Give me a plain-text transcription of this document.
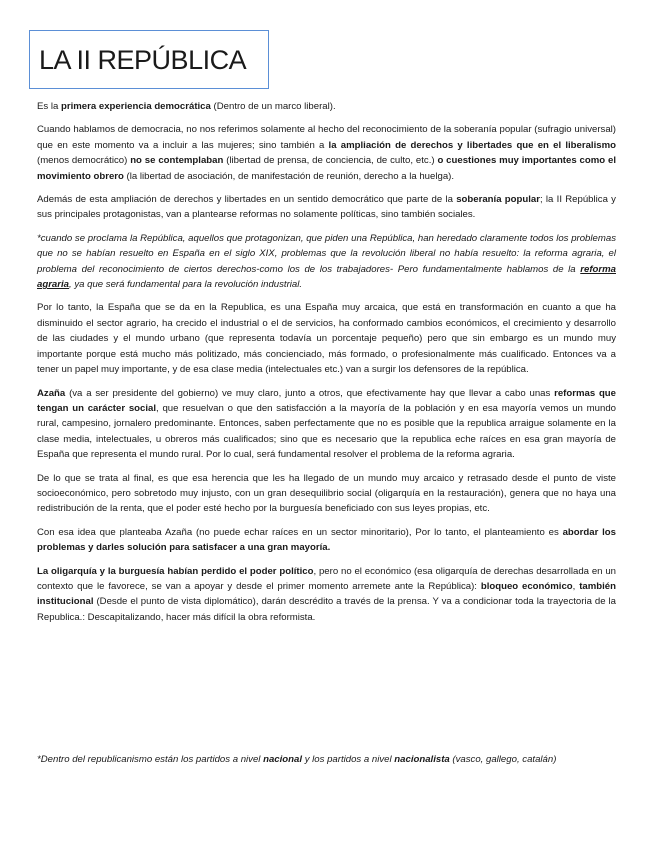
LA II REPÚBLICA

Es la primera experiencia democrática (Dentro de un marco liberal).

Cuando hablamos de democracia, no nos referimos solamente al hecho del reconocimiento de la soberanía popular (sufragio universal) que en este momento va a incluir a las mujeres; sino también a la ampliación de derechos y libertades que en el liberalismo (menos democrático) no se contemplaban (libertad de prensa, de conciencia, de culto, etc.) o cuestiones muy importantes como el movimiento obrero (la libertad de asociación, de manifestación de reunión, derecho a la huelga).

Además de esta ampliación de derechos y libertades en un sentido democrático que parte de la soberanía popular; la II República y sus principales protagonistas, van a plantearse reformas no solamente políticas, sino también sociales.

*cuando se proclama la República, aquellos que protagonizan, que piden una República, han heredado claramente todos los problemas que no se habían resuelto en España en el siglo XIX, problemas que la revolución liberal no había resuelto: la reforma agraria, el problema del reconocimiento de ciertos derechos-como los de los trabajadores- Pero fundamentalmente hablamos de la reforma agraria, ya que será fundamental para la revolución industrial.

Por lo tanto, la España que se da en la Republica, es una España muy arcaica, que está en transformación en cuanto a que ha disminuido el sector agrario, ha crecido el industrial o el de servicios, ha conformado cambios económicos, el crecimiento y desarrollo de las ciudades y el mundo urbano (que representa todavía un porcentaje pequeño) pero que sin embargo es un mundo muy importante porque está mucho más politizado, más concienciado, más formado, o profesionalmente más cualificado. Entonces va a tener un papel muy importante, y de esa clase media (intelectuales etc.) van a surgir los defensores de la república.

Azaña (va a ser presidente del gobierno) ve muy claro, junto a otros, que efectivamente hay que llevar a cabo unas reformas que tengan un carácter social, que resuelvan o que den satisfacción a la mayoría de la población y en esa mayoría vemos un mundo rural, campesino, jornalero predominante. Entonces, saben perfectamente que no es posible que la republica arraigue solamente en la clase media, intelectuales, u obreros más cualificados; sino que es necesario que la republica eche raíces en esa gran mayoría de España que representa el mundo rural. Por lo cual, será fundamental resolver el problema de la reforma agraria.

De lo que se trata al final, es que esa herencia que les ha llegado de un mundo muy arcaico y retrasado desde el punto de viste socioeconómico, pero sobretodo muy injusto, con un gran desequilibrio social (oligarquía en la restauración), genera que no haya una redistribución de la renta, que el poder esté hecho por la burguesía beneficiado con sus leyes propias, etc.

Con esa idea que planteaba Azaña (no puede echar raíces en un sector minoritario), Por lo tanto, el planteamiento es abordar los problemas y darles solución para satisfacer a una gran mayoría.

La oligarquía y la burguesía habían perdido el poder político, pero no el económico (esa oligarquía de derechas desarrollada en un contexto que le favorece, se van a apoyar y desde el primer momento arremete ante la República): bloqueo económico, también institucional (Desde el punto de vista diplomático), darán descrédito a través de la prensa. Y va a condicionar toda la trayectoria de la Republica.: Descapitalizando, hacer más difícil la obra reformista.

*Dentro del republicanismo están los partidos a nivel nacional y los partidos a nivel nacionalista (vasco, gallego, catalán)
